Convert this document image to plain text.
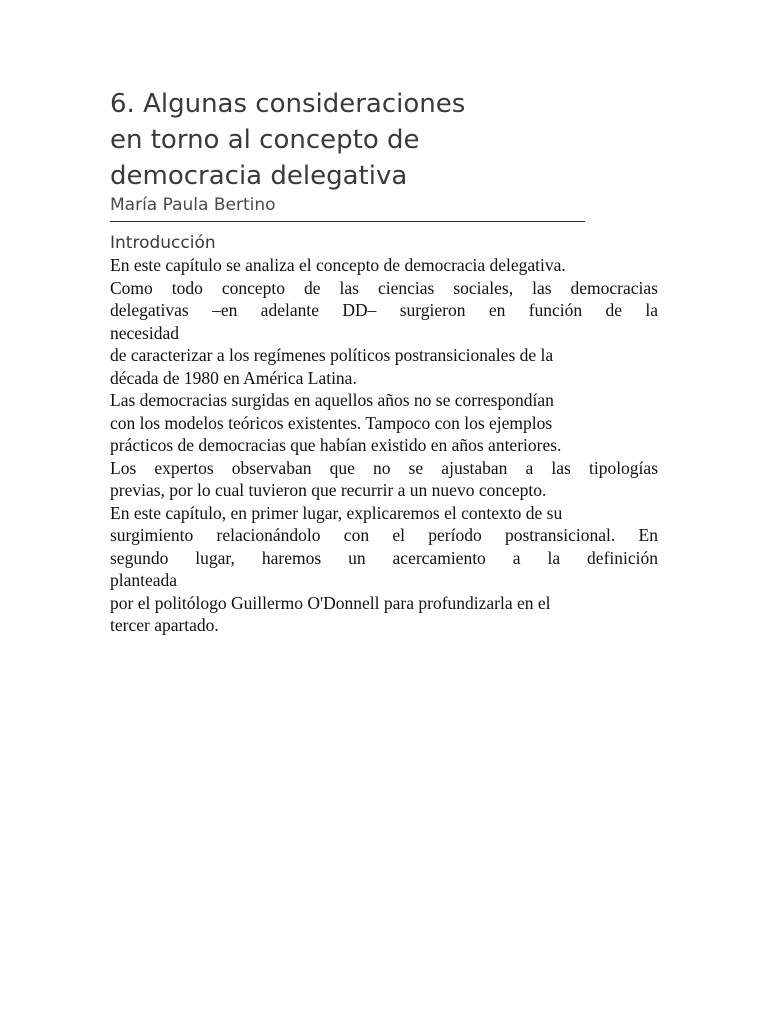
6. Algunas consideraciones
en torno al concepto de
democracia delegativa
María Paula Bertino
Introducción
En este capítulo se analiza el concepto de democracia delegativa.
Como todo concepto de las ciencias sociales, las democracias
delegativas –en adelante DD– surgieron en función de la
necesidad
de caracterizar a los regímenes políticos postransicionales de la
década de 1980 en América Latina.
Las democracias surgidas en aquellos años no se correspondían
con los modelos teóricos existentes. Tampoco con los ejemplos
prácticos de democracias que habían existido en años anteriores.
Los expertos observaban que no se ajustaban a las tipologías
previas, por lo cual tuvieron que recurrir a un nuevo concepto.
En este capítulo, en primer lugar, explicaremos el contexto de su
surgimiento relacionándolo con el período postransicional. En
segundo lugar, haremos un acercamiento a la definición
planteada
por el politólogo Guillermo O'Donnell para profundizarla en el
tercer apartado.
